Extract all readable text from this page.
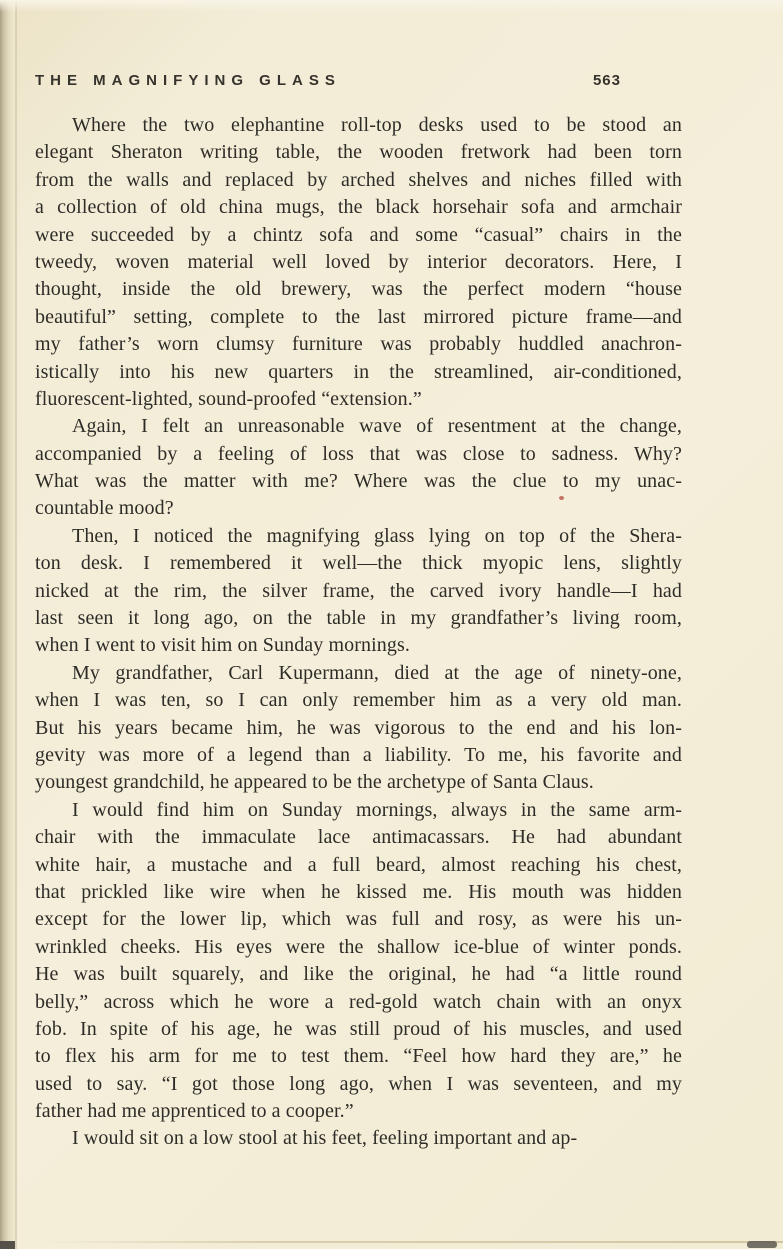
THE MAGNIFYING GLASS	563
Where the two elephantine roll-top desks used to be stood an
elegant Sheraton writing table, the wooden fretwork had been torn
from the walls and replaced by arched shelves and niches filled with
a collection of old china mugs, the black horsehair sofa and armchair
were succeeded by a chintz sofa and some “casual” chairs in the
tweedy, woven material well loved by interior decorators. Here, I
thought, inside the old brewery, was the perfect modern “house
beautiful” setting, complete to the last mirrored picture frame—and
my father’s worn clumsy furniture was probably huddled anachron-
istically into his new quarters in the streamlined, air-conditioned,
fluorescent-lighted, sound-proofed “extension.”
Again, I felt an unreasonable wave of resentment at the change,
accompanied by a feeling of loss that was close to sadness. Why?
What was the matter with me? Where was the clue to my unac-
countable mood?
Then, I noticed the magnifying glass lying on top of the Shera-
ton desk. I remembered it well—the thick myopic lens, slightly
nicked at the rim, the silver frame, the carved ivory handle—I had
last seen it long ago, on the table in my grandfather’s living room,
when I went to visit him on Sunday mornings.
My grandfather, Carl Kupermann, died at the age of ninety-one,
when I was ten, so I can only remember him as a very old man.
But his years became him, he was vigorous to the end and his lon-
gevity was more of a legend than a liability. To me, his favorite and
youngest grandchild, he appeared to be the archetype of Santa Claus.
I would find him on Sunday mornings, always in the same arm-
chair with the immaculate lace antimacassars. He had abundant
white hair, a mustache and a full beard, almost reaching his chest,
that prickled like wire when he kissed me. His mouth was hidden
except for the lower lip, which was full and rosy, as were his un-
wrinkled cheeks. His eyes were the shallow ice-blue of winter ponds.
He was built squarely, and like the original, he had “a little round
belly,” across which he wore a red-gold watch chain with an onyx
fob. In spite of his age, he was still proud of his muscles, and used
to flex his arm for me to test them. “Feel how hard they are,” he
used to say. “I got those long ago, when I was seventeen, and my
father had me apprenticed to a cooper.”
I would sit on a low stool at his feet, feeling important and ap-
